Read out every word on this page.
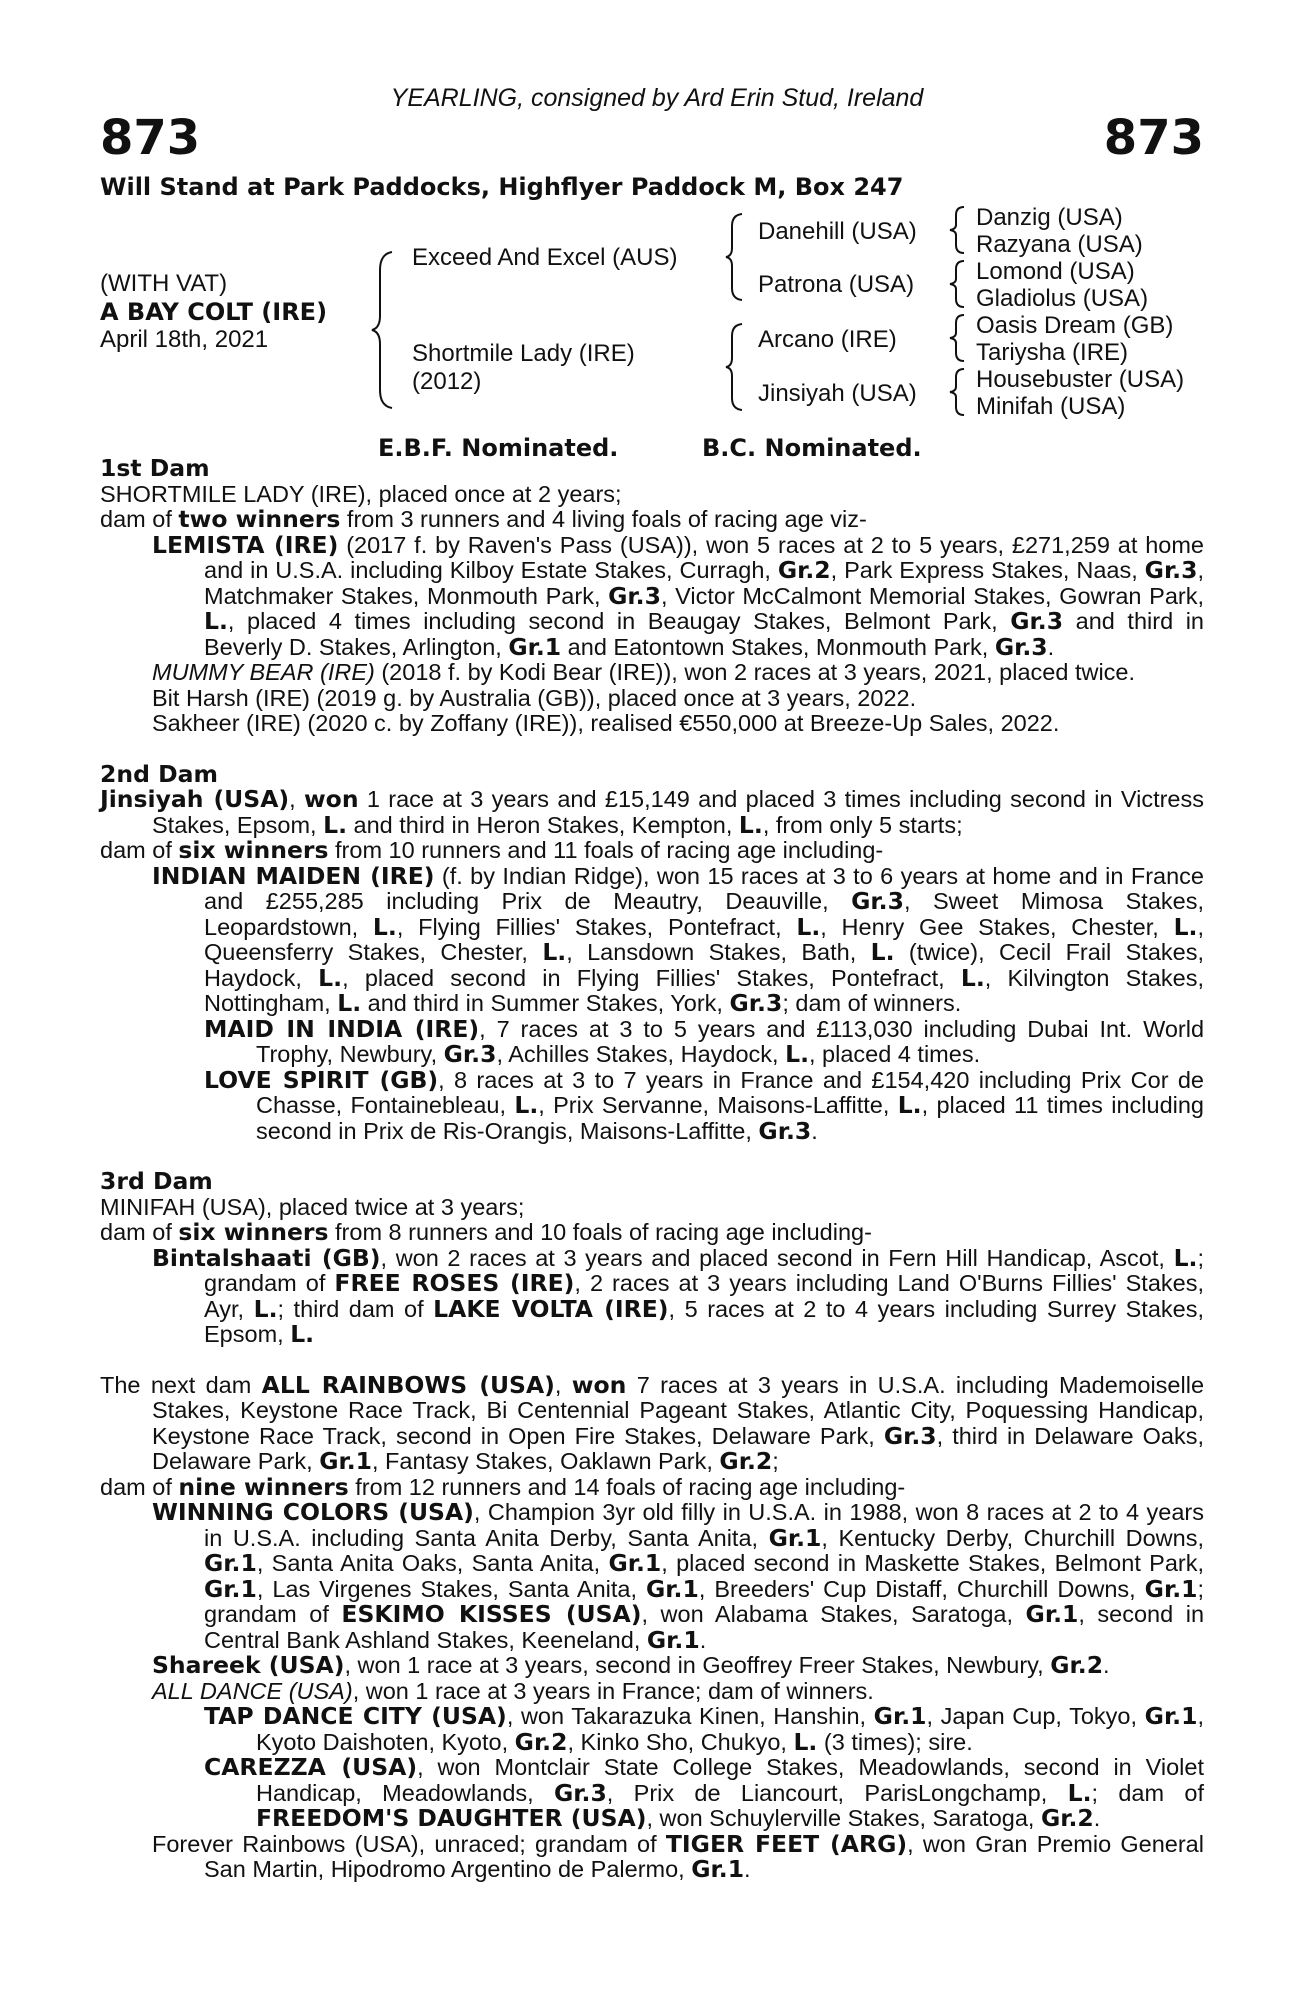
YEARLING, consigned by Ard Erin Stud, Ireland
873	873
Will Stand at Park Paddocks, Highflyer Paddock M, Box 247
(WITH VAT)
A BAY COLT (IRE)
April 18th, 2021
Exceed And Excel (AUS)
Shortmile Lady (IRE)
(2012)
Danehill (USA)
Patrona (USA)
Arcano (IRE)
Jinsiyah (USA)
Danzig (USA)
Razyana (USA)
Lomond (USA)
Gladiolus (USA)
Oasis Dream (GB)
Tariysha (IRE)
Housebuster (USA)
Minifah (USA)
E.B.F. Nominated.	B.C. Nominated.

1st Dam

SHORTMILE LADY (IRE), placed once at 2 years;

dam of two winners from 3 runners and 4 living foals of racing age viz-

LEMISTA (IRE) (2017 f. by Raven's Pass (USA)), won 5 races at 2 to 5 years, £271,259 at home and in U.S.A. including Kilboy Estate Stakes, Curragh, Gr.2, Park Express Stakes, Naas, Gr.3, Matchmaker Stakes, Monmouth Park, Gr.3, Victor McCalmont Memorial Stakes, Gowran Park, L., placed 4 times including second in Beaugay Stakes, Belmont Park, Gr.3 and third in Beverly D. Stakes, Arlington, Gr.1 and Eatontown Stakes, Monmouth Park, Gr.3.

MUMMY BEAR (IRE) (2018 f. by Kodi Bear (IRE)), won 2 races at 3 years, 2021, placed twice.

Bit Harsh (IRE) (2019 g. by Australia (GB)), placed once at 3 years, 2022.

Sakheer (IRE) (2020 c. by Zoffany (IRE)), realised €550,000 at Breeze-Up Sales, 2022.

2nd Dam

Jinsiyah (USA), won 1 race at 3 years and £15,149 and placed 3 times including second in Victress Stakes, Epsom, L. and third in Heron Stakes, Kempton, L., from only 5 starts;

dam of six winners from 10 runners and 11 foals of racing age including-

INDIAN MAIDEN (IRE) (f. by Indian Ridge), won 15 races at 3 to 6 years at home and in France and £255,285 including Prix de Meautry, Deauville, Gr.3, Sweet Mimosa Stakes, Leopardstown, L., Flying Fillies' Stakes, Pontefract, L., Henry Gee Stakes, Chester, L., Queensferry Stakes, Chester, L., Lansdown Stakes, Bath, L. (twice), Cecil Frail Stakes, Haydock, L., placed second in Flying Fillies' Stakes, Pontefract, L., Kilvington Stakes, Nottingham, L. and third in Summer Stakes, York, Gr.3; dam of winners.

MAID IN INDIA (IRE), 7 races at 3 to 5 years and £113,030 including Dubai Int. World Trophy, Newbury, Gr.3, Achilles Stakes, Haydock, L., placed 4 times.

LOVE SPIRIT (GB), 8 races at 3 to 7 years in France and £154,420 including Prix Cor de Chasse, Fontainebleau, L., Prix Servanne, Maisons-Laffitte, L., placed 11 times including second in Prix de Ris-Orangis, Maisons-Laffitte, Gr.3.

3rd Dam

MINIFAH (USA), placed twice at 3 years;

dam of six winners from 8 runners and 10 foals of racing age including-

Bintalshaati (GB), won 2 races at 3 years and placed second in Fern Hill Handicap, Ascot, L.; grandam of FREE ROSES (IRE), 2 races at 3 years including Land O'Burns Fillies' Stakes, Ayr, L.; third dam of LAKE VOLTA (IRE), 5 races at 2 to 4 years including Surrey Stakes, Epsom, L.

The next dam ALL RAINBOWS (USA), won 7 races at 3 years in U.S.A. including Mademoiselle Stakes, Keystone Race Track, Bi Centennial Pageant Stakes, Atlantic City, Poquessing Handicap, Keystone Race Track, second in Open Fire Stakes, Delaware Park, Gr.3, third in Delaware Oaks, Delaware Park, Gr.1, Fantasy Stakes, Oaklawn Park, Gr.2;

dam of nine winners from 12 runners and 14 foals of racing age including-

WINNING COLORS (USA), Champion 3yr old filly in U.S.A. in 1988, won 8 races at 2 to 4 years in U.S.A. including Santa Anita Derby, Santa Anita, Gr.1, Kentucky Derby, Churchill Downs, Gr.1, Santa Anita Oaks, Santa Anita, Gr.1, placed second in Maskette Stakes, Belmont Park, Gr.1, Las Virgenes Stakes, Santa Anita, Gr.1, Breeders' Cup Distaff, Churchill Downs, Gr.1; grandam of ESKIMO KISSES (USA), won Alabama Stakes, Saratoga, Gr.1, second in Central Bank Ashland Stakes, Keeneland, Gr.1.

Shareek (USA), won 1 race at 3 years, second in Geoffrey Freer Stakes, Newbury, Gr.2.

ALL DANCE (USA), won 1 race at 3 years in France; dam of winners.

TAP DANCE CITY (USA), won Takarazuka Kinen, Hanshin, Gr.1, Japan Cup, Tokyo, Gr.1, Kyoto Daishoten, Kyoto, Gr.2, Kinko Sho, Chukyo, L. (3 times); sire.

CAREZZA (USA), won Montclair State College Stakes, Meadowlands, second in Violet Handicap, Meadowlands, Gr.3, Prix de Liancourt, ParisLongchamp, L.; dam of FREEDOM'S DAUGHTER (USA), won Schuylerville Stakes, Saratoga, Gr.2.

Forever Rainbows (USA), unraced; grandam of TIGER FEET (ARG), won Gran Premio General San Martin, Hipodromo Argentino de Palermo, Gr.1.
